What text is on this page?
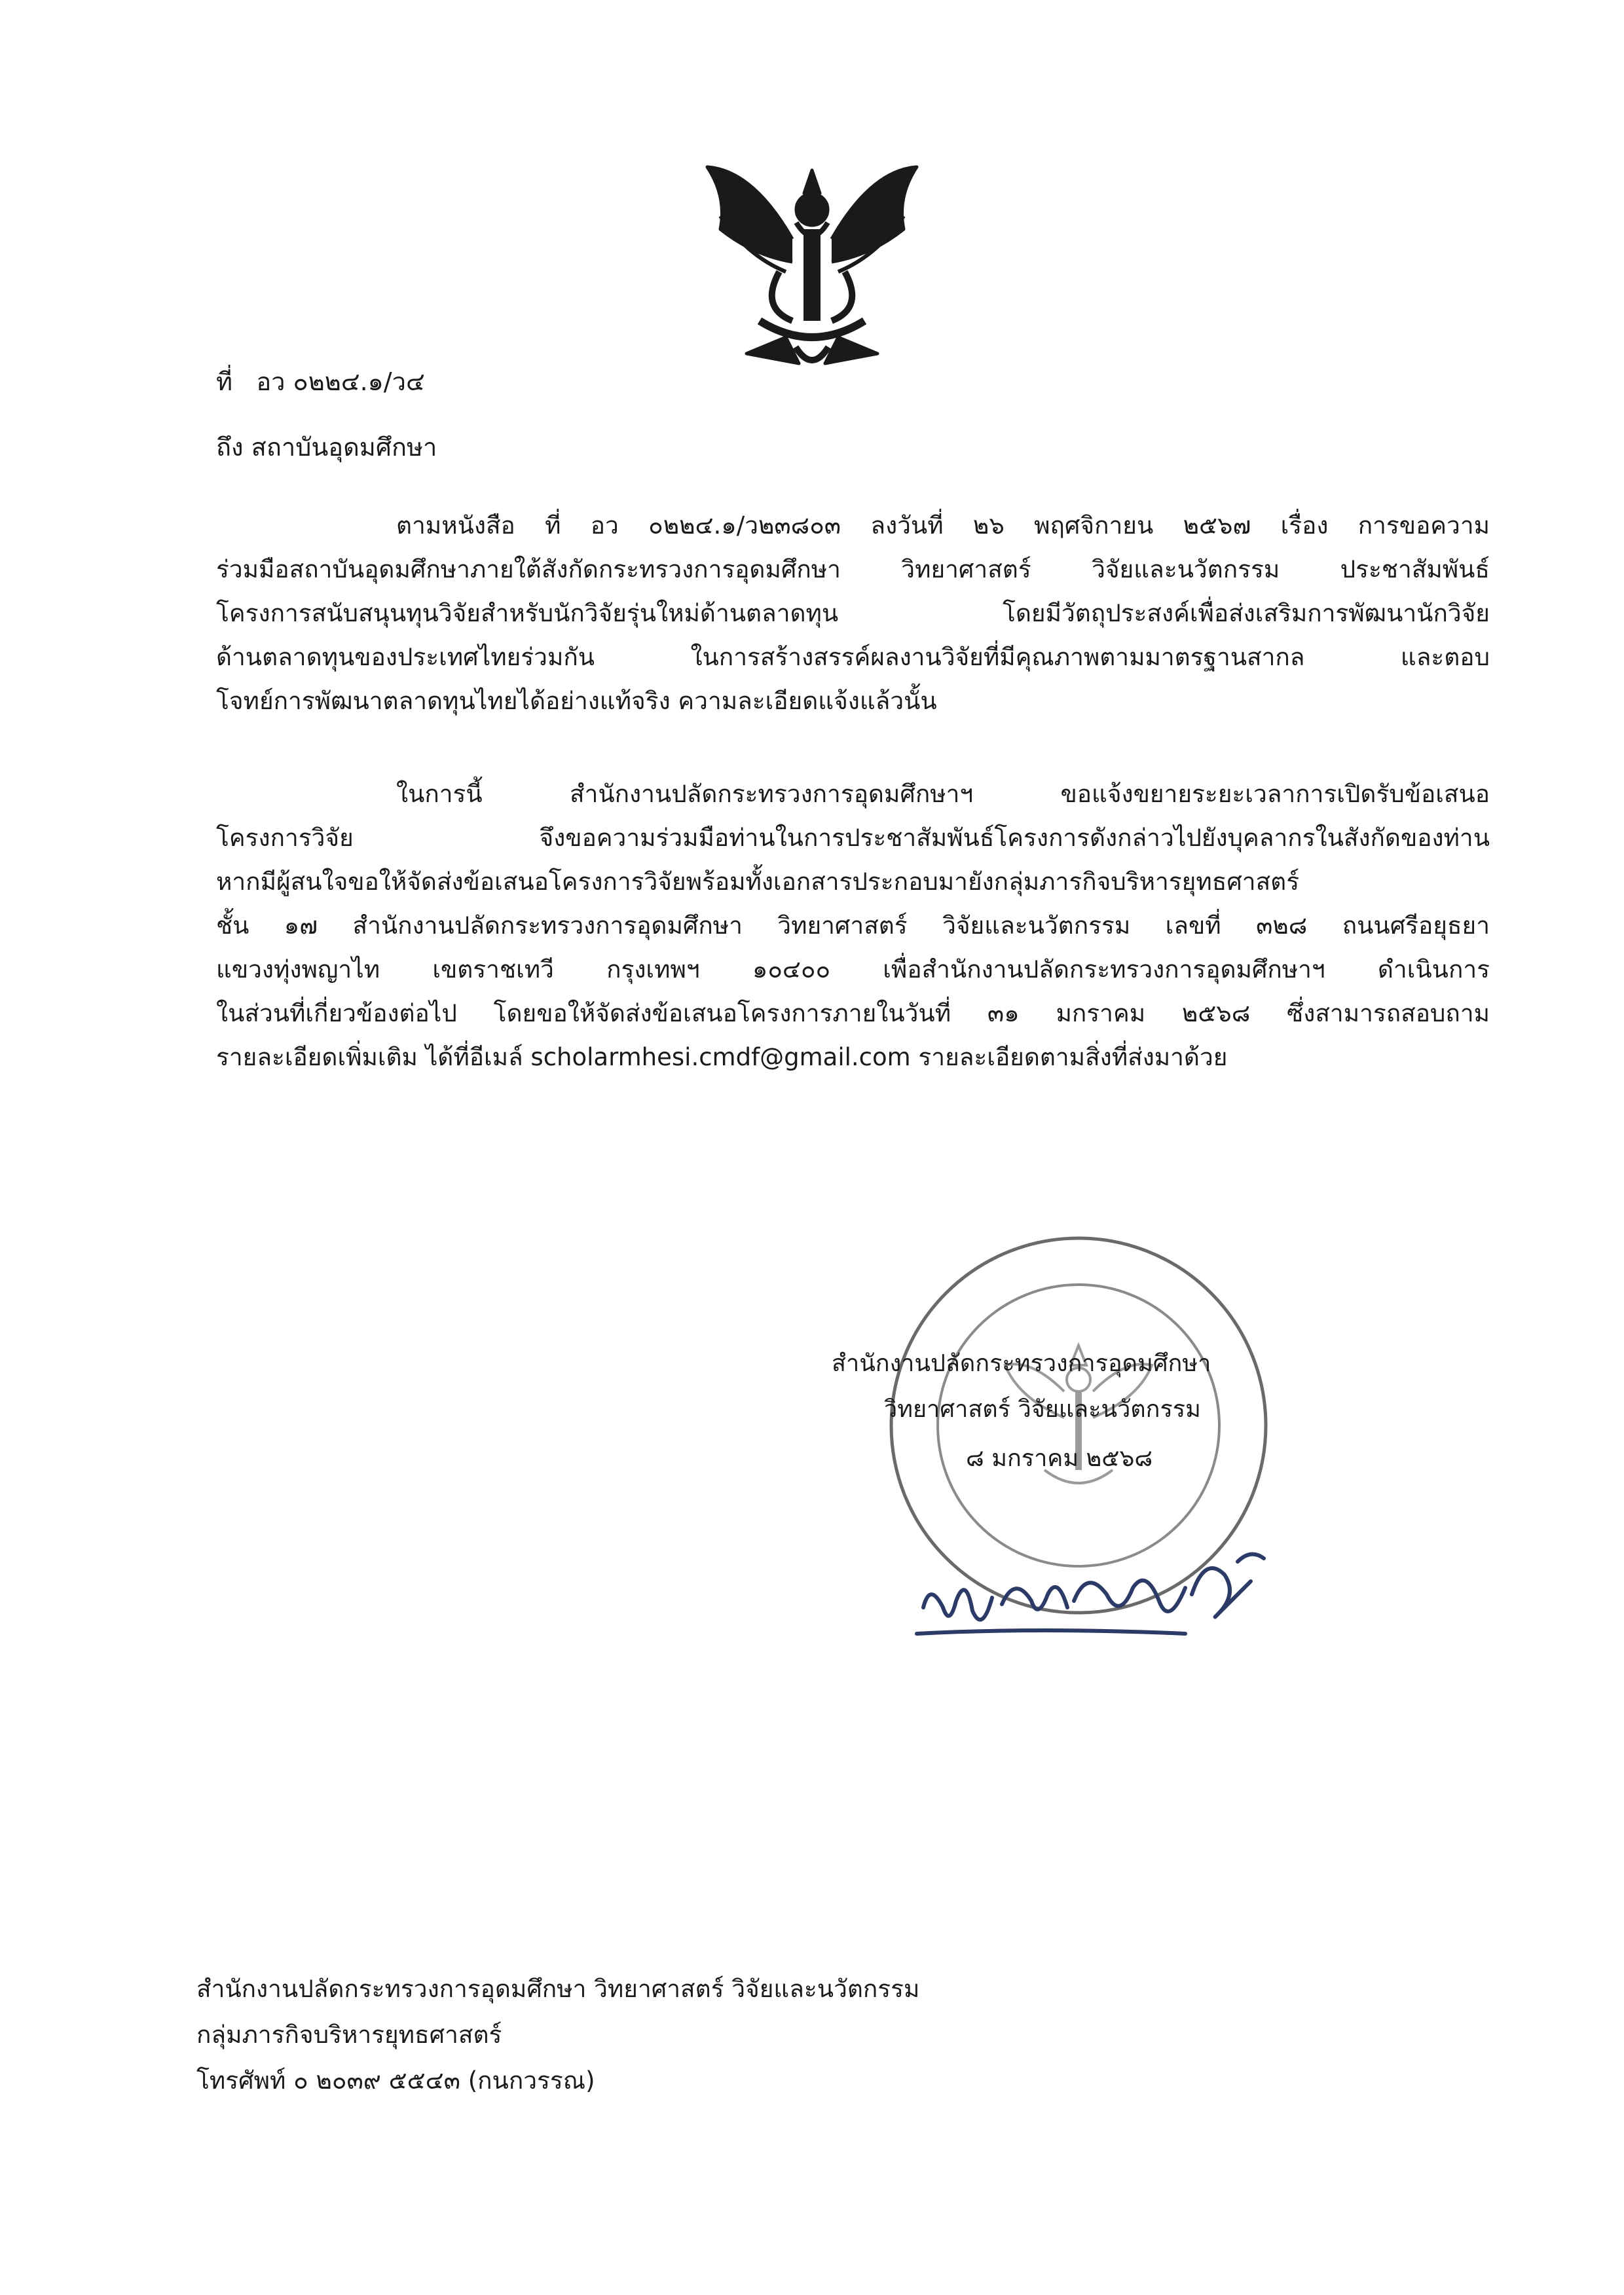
ที่ อว ๐๒๒๔.๑/ว๔
ถึง สถาบันอุดมศึกษา
ตามหนังสือ ที่ อว ๐๒๒๔.๑/ว๒๓๘๐๓ ลงวันที่ ๒๖ พฤศจิกายน ๒๕๖๗ เรื่อง การขอความ
ร่วมมือสถาบันอุดมศึกษาภายใต้สังกัดกระทรวงการอุดมศึกษา วิทยาศาสตร์ วิจัยและนวัตกรรม ประชาสัมพันธ์
โครงการสนับสนุนทุนวิจัยสำหรับนักวิจัยรุ่นใหม่ด้านตลาดทุน โดยมีวัตถุประสงค์เพื่อส่งเสริมการพัฒนานักวิจัย
ด้านตลาดทุนของประเทศไทยร่วมกัน ในการสร้างสรรค์ผลงานวิจัยที่มีคุณภาพตามมาตรฐานสากล และตอบ
โจทย์การพัฒนาตลาดทุนไทยได้อย่างแท้จริง ความละเอียดแจ้งแล้วนั้น
ในการนี้ สำนักงานปลัดกระทรวงการอุดมศึกษาฯ ขอแจ้งขยายระยะเวลาการเปิดรับข้อเสนอ
โครงการวิจัย จึงขอความร่วมมือท่านในการประชาสัมพันธ์โครงการดังกล่าวไปยังบุคลากรในสังกัดของท่าน
หากมีผู้สนใจขอให้จัดส่งข้อเสนอโครงการวิจัยพร้อมทั้งเอกสารประกอบมายังกลุ่มภารกิจบริหารยุทธศาสตร์
ชั้น ๑๗ สำนักงานปลัดกระทรวงการอุดมศึกษา วิทยาศาสตร์ วิจัยและนวัตกรรม เลขที่ ๓๒๘ ถนนศรีอยุธยา
แขวงทุ่งพญาไท เขตราชเทวี กรุงเทพฯ ๑๐๔๐๐ เพื่อสำนักงานปลัดกระทรวงการอุดมศึกษาฯ ดำเนินการ
ในส่วนที่เกี่ยวข้องต่อไป โดยขอให้จัดส่งข้อเสนอโครงการภายในวันที่ ๓๑ มกราคม ๒๕๖๘ ซึ่งสามารถสอบถาม
รายละเอียดเพิ่มเติม ได้ที่อีเมล์ scholarmhesi.cmdf@gmail.com รายละเอียดตามสิ่งที่ส่งมาด้วย
สำนักงานปลัดกระทรวงการอุดมศึกษา
วิทยาศาสตร์ วิจัยและนวัตกรรม
๘ มกราคม ๒๕๖๘
สำนักงานปลัดกระทรวงการอุดมศึกษา วิทยาศาสตร์ วิจัยและนวัตกรรม
กลุ่มภารกิจบริหารยุทธศาสตร์
โทรศัพท์ ๐ ๒๐๓๙ ๕๕๔๓ (กนกวรรณ)
